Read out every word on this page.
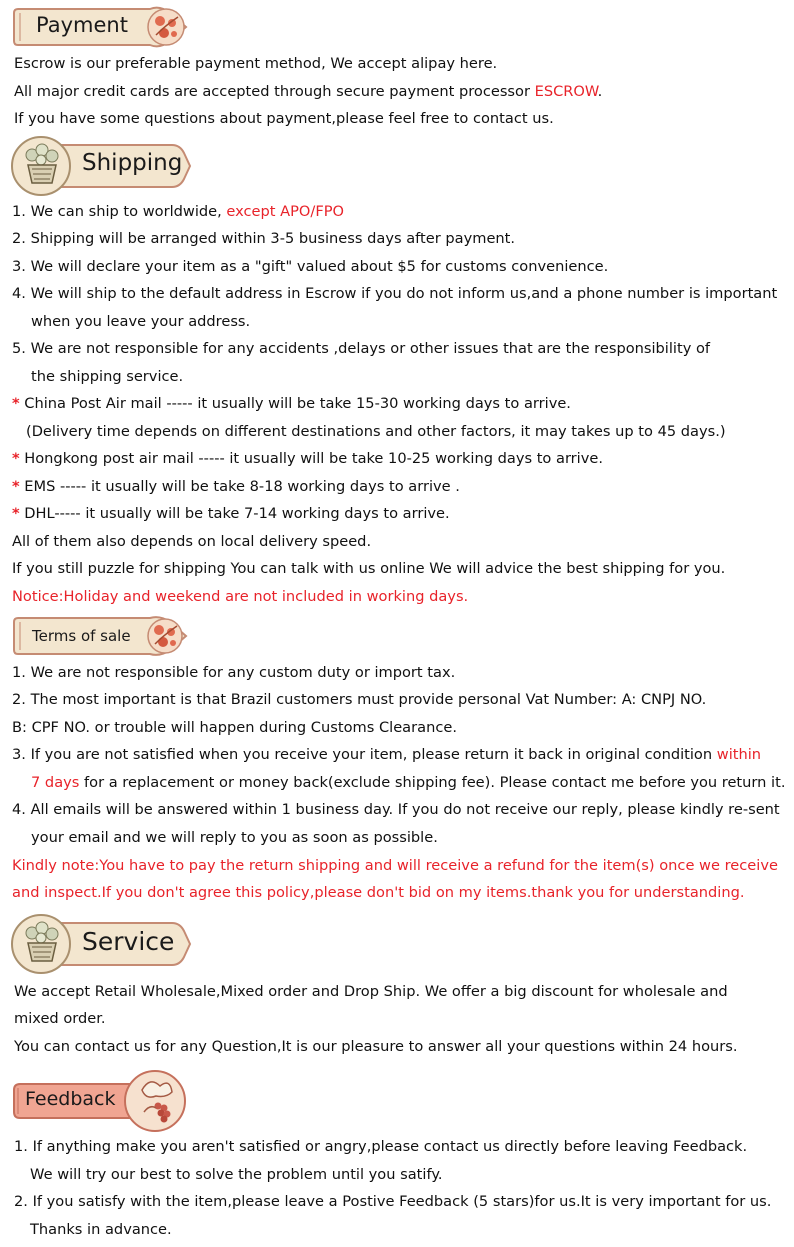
Payment
Escrow is our preferable payment method, We accept alipay here.
All major credit cards are accepted through secure payment processor ESCROW.
If you have some questions about payment,please feel free to contact us.
Shipping
1. We can ship to worldwide, except APO/FPO
2. Shipping will be arranged within 3-5 business days after payment.
3. We will declare your item as a "gift" valued about $5 for customs convenience.
4. We will ship to the default address in Escrow if you do not inform us,and a phone number is important
when you leave your address.
5. We are not responsible for any accidents ,delays or other issues that are the responsibility of
the shipping service.
* China Post Air mail ----- it usually will be take 15-30 working days to arrive.
(Delivery time depends on different destinations and other factors, it may takes up to 45 days.)
* Hongkong post air mail ----- it usually will be take 10-25 working days to arrive.
* EMS ----- it usually will be take 8-18 working days to arrive .
* DHL----- it usually will be take 7-14 working days to arrive.
All of them also depends on local delivery speed.
If you still puzzle for shipping You can talk with us online We will advice the best shipping for you.
Notice:Holiday and weekend are not included in working days.
Terms of sale
1. We are not responsible for any custom duty or import tax.
2. The most important is that Brazil customers must provide personal Vat Number: A: CNPJ NO.
B: CPF NO. or trouble will happen during Customs Clearance.
3. If you are not satisfied when you receive your item, please return it back in original condition within
7 days for a replacement or money back(exclude shipping fee). Please contact me before you return it.
4. All emails will be answered within 1 business day. If you do not receive our reply, please kindly re-sent
your email and we will reply to you as soon as possible.
Kindly note:You have to pay the return shipping and will receive a refund for the item(s) once we receive
and inspect.If you don't agree this policy,please don't bid on my items.thank you for understanding.
Service
We accept Retail Wholesale,Mixed order and Drop Ship. We offer a big discount for wholesale and
mixed order.
You can contact us for any Question,It is our pleasure to answer all your questions within 24 hours.
Feedback
1. If anything make you aren't satisfied or angry,please contact us directly before leaving Feedback.
We will try our best to solve the problem until you satify.
2. If you satisfy with the item,please leave a Postive Feedback (5 stars)for us.It is very important for us.
Thanks in advance.
